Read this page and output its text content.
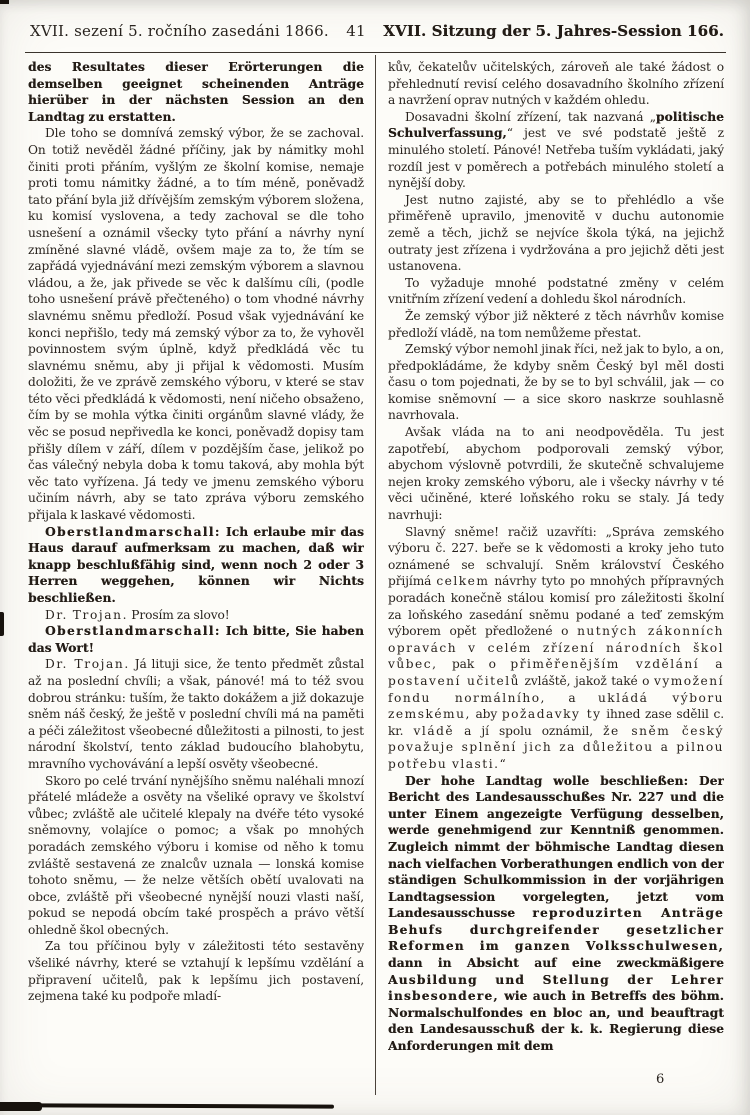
XVII. sezení 5. ročního zasedáni 1866.	41	XVII. Sitzung der 5. Jahres-Session 166.

des Resultates dieser Erörterungen die demselben geeignet scheinenden Anträge hierüber in der nächsten Session an den Landtag zu erstatten.

Dle toho se domnívá zemský výbor, že se zachoval. On totiž nevěděl žádné příčiny, jak by námitky mohl činiti proti přáním, vyšlým ze školní komise, nemaje proti tomu námitky žádné, a to tím méně, poněvadž tato přání byla již dřívějším zemským výborem složena, ku komisí vyslovena, a tedy zachoval se dle toho usnešení a oznámil všecky tyto přání a návrhy nyní zmíněné slavné vládě, ovšem maje za to, že tím se zapřádá vyjednávání mezi zemským výborem a slavnou vládou, a že, jak přivede se věc k dalšímu cíli, (podle toho usnešení právě přečteného) o tom vhodné návrhy slavnému sněmu předloží. Posud však vyjednávání ke konci nepřišlo, tedy má zemský výbor za to, že vyhověl povinnostem svým úplně, když předkládá věc tu slavnému sněmu, aby ji přijal k vědomosti. Musím doložiti, že ve zprávě zemského výboru, v které se stav této věci předkládá k vědomosti, není ničeho obsaženo, čím by se mohla výtka činiti orgánům slavné vlády, že věc se posud nepřivedla ke konci, poněvadž dopisy tam přišly dílem v září, dílem v pozdějším čase, jelikož po čas válečný nebyla doba k tomu taková, aby mohla být věc tato vyřízena. Já tedy ve jmenu zemského výboru učiním návrh, aby se tato zpráva výboru zemského přijala k laskavé vědomosti.

Oberstlandmarschall: Ich erlaube mir das Haus darauf aufmerksam zu machen, daß wir knapp beschlußfähig sind, wenn noch 2 oder 3 Herren weggehen, können wir Nichts beschließen.

Dr. Trojan. Prosím za slovo!

Oberstlandmarschall: Ich bitte, Sie haben das Wort!

Dr. Trojan. Já lituji sice, že tento předmět zůstal až na poslední chvíli; a však, pánové! má to též svou dobrou stránku: tuším, že takto dokážem a již dokazuje sněm náš český, že ještě v poslední chvíli má na paměti a péči záležitost všeobecné důležitosti a pilnosti, to jest národní školství, tento základ budoucího blahobytu, mravního vychovávání a lepší osvěty všeobecné.

Skoro po celé trvání nynějšího sněmu naléhali mnozí přátelé mládeže a osvěty na všeliké opravy ve školství vůbec; zvláště ale učitelé klepaly na dvéře této vysoké sněmovny, volajíce o pomoc; a však po mnohých poradách zemského výboru i komise od něho k tomu zvláště sestavená ze znalcův uznala — lonská komise tohoto sněmu, — že nelze větších obětí uvalovati na obce, zvláště při všeobecné nynější nouzi vlasti naší, pokud se nepodá obcím také prospěch a právo větší ohledně škol obecných.

Za tou příčinou byly v záležitosti této sestavěny všeliké návrhy, které se vztahují k lepšímu vzdělání a připravení učitelů, pak k lepšímu jich postavení, zejmena také ku podpoře mladí-

kův, čekatelův učitelských, zároveň ale také žádost o přehlednutí revisí celého dosavadního školního zřízení a navržení oprav nutných v každém ohledu.

Dosavadni školní zřízení, tak nazvaná „politische Schulverfassung,“ jest ve své podstatě ještě z minulého století. Pánové! Netřeba tuším vykládati, jaký rozdíl jest v poměrech a potřebách minulého století a nynější doby.

Jest nutno zajisté, aby se to přehlédlo a vše přiměřeně upravilo, jmenovitě v duchu autonomie země a těch, jichž se nejvíce škola týká, na jejichž outraty jest zřízena i vydržována a pro jejichž děti jest ustanovena.

To vyžaduje mnohé podstatné změny v celém vnitřním zřízení vedení a dohledu škol národních.

Že zemský výbor již některé z těch návrhův komise předloží vládě, na tom nemůžeme přestat.

Zemský výbor nemohl jinak říci, než jak to bylo, a on, předpokládáme, že kdyby sněm Český byl měl dosti času o tom pojednati, že by se to byl schválil, jak — co komise sněmovní — a sice skoro naskrze souhlasně navrhovala.

Avšak vláda na to ani neodpověděla. Tu jest zapotřebí, abychom podporovali zemský výbor, abychom výslovně potvrdili, že skutečně schvalujeme nejen kroky zemského výboru, ale i všecky návrhy v té věci učiněné, které loňského roku se staly. Já tedy navrhuji:

Slavný sněme! račiž uzavříti: „Správa zemského výboru č. 227. beře se k vědomosti a kroky jeho tuto oznámené se schvalují. Sněm království Českého přijímá celkem návrhy tyto po mnohých přípravných poradách konečně stálou komisí pro záležitosti školní za loňského zasedání sněmu podané a teď zemským výborem opět předložené o nutných zákonních opravách v celém zřízení národních škol vůbec, pak o přiměřenějším vzdělání a postavení učitelů zvláště, jakož také o vymožení fondu normálního, a ukládá výboru zemskému, aby požadavky ty ihned zase sdělil c. kr. vládě a jí spolu oznámil, že sněm český považuje splnění jich za důležitou a pilnou potřebu vlasti.“

Der hohe Landtag wolle beschließen: Der Bericht des Landesausschußes Nr. 227 und die unter Einem angezeigte Verfügung desselben, werde genehmigend zur Kenntniß genommen. Zugleich nimmt der böhmische Landtag diesen nach vielfachen Vorberathungen endlich von der ständigen Schulkommission in der vorjährigen Landtagsession vorgelegten, jetzt vom Landesausschusse reproduzirten Anträge Behufs durchgreifender gesetzlicher Reformen im ganzen Volksschulwesen, dann in Absicht auf eine zweckmäßigere Ausbildung und Stellung der Lehrer insbesondere, wie auch in Betreffs des böhm. Normalschulfondes en bloc an, und beauftragt den Landesausschuß der k. k. Regierung diese Anforderungen mit dem

6
